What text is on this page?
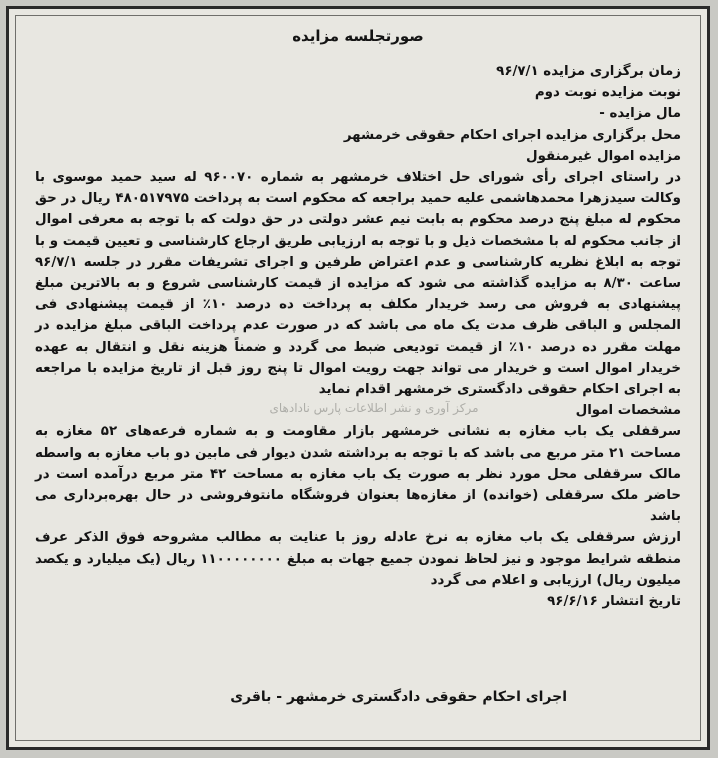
صورتجلسه مزایده
زمان برگزاری مزایده ۹۶/۷/۱
نوبت مزایده نوبت دوم
مال مزایده -
محل برگزاری مزایده اجرای احکام حقوقی خرمشهر
مزایده اموال غیرمنقول
در راستای اجرای رأی شورای حل اختلاف خرمشهر به شماره ۹۶۰۰۷۰ له سید حمید موسوی با وکالت سیدزهرا محمدهاشمی علیه حمید براجعه که محکوم است به پرداخت ۴۸۰۵۱۷۹۷۵ ریال در حق محکوم له مبلغ پنج درصد محکوم به بابت نیم عشر دولتی در حق دولت که با توجه به معرفی اموال از جانب محکوم له با مشخصات ذیل و با توجه به ارزیابی طریق ارجاع کارشناسی و تعیین قیمت و با توجه به ابلاغ نظریه کارشناسی و عدم اعتراض طرفین و اجرای تشریفات مقرر در جلسه ۹۶/۷/۱ ساعت ۸/۳۰ به مزایده گذاشته می شود که مزایده از قیمت کارشناسی شروع و به بالاترین مبلغ پیشنهادی به فروش می رسد خریدار مکلف به پرداخت ده درصد ۱۰٪ از قیمت پیشنهادی فی المجلس و الباقی ظرف مدت یک ماه می باشد که در صورت عدم پرداخت الباقی مبلغ مزایده در مهلت مقرر ده درصد ۱۰٪ از قیمت تودیعی ضبط می گردد و ضمناً هزینه نقل و انتقال به عهده خریدار اموال است و خریدار می تواند جهت رویت اموال تا پنج روز قبل از تاریخ مزایده با مراجعه به اجرای احکام حقوقی دادگستری خرمشهر اقدام نماید
مشخصات اموال
سرقفلی یک باب مغازه به نشانی خرمشهر بازار مقاومت و به شماره فرعه‌های ۵۲ مغازه به مساحت ۲۱ متر مربع می باشد که با توجه به برداشته شدن دیوار فی مابین دو باب مغازه به واسطه مالک سرقفلی محل مورد نظر به صورت یک باب مغازه به مساحت ۴۲ متر مربع درآمده است در حاضر ملک سرقفلی (خوانده) از مغازه‌ها بعنوان فروشگاه مانتوفروشی در حال بهره‌برداری می باشد
ارزش سرقفلی یک باب مغازه به نرخ عادله روز با عنایت به مطالب مشروحه فوق الذکر عرف منطقه شرایط موجود و نیز لحاظ نمودن جمیع جهات به مبلغ ۱۱۰۰۰۰۰۰۰۰ ریال (یک میلیارد و یکصد میلیون ریال) ارزیابی و اعلام می گردد
تاریخ انتشار ۹۶/۶/۱۶
مرکز آوری و نشر اطلاعات پارس نادادهای
اجرای احکام حقوقی دادگستری خرمشهر - باقری
